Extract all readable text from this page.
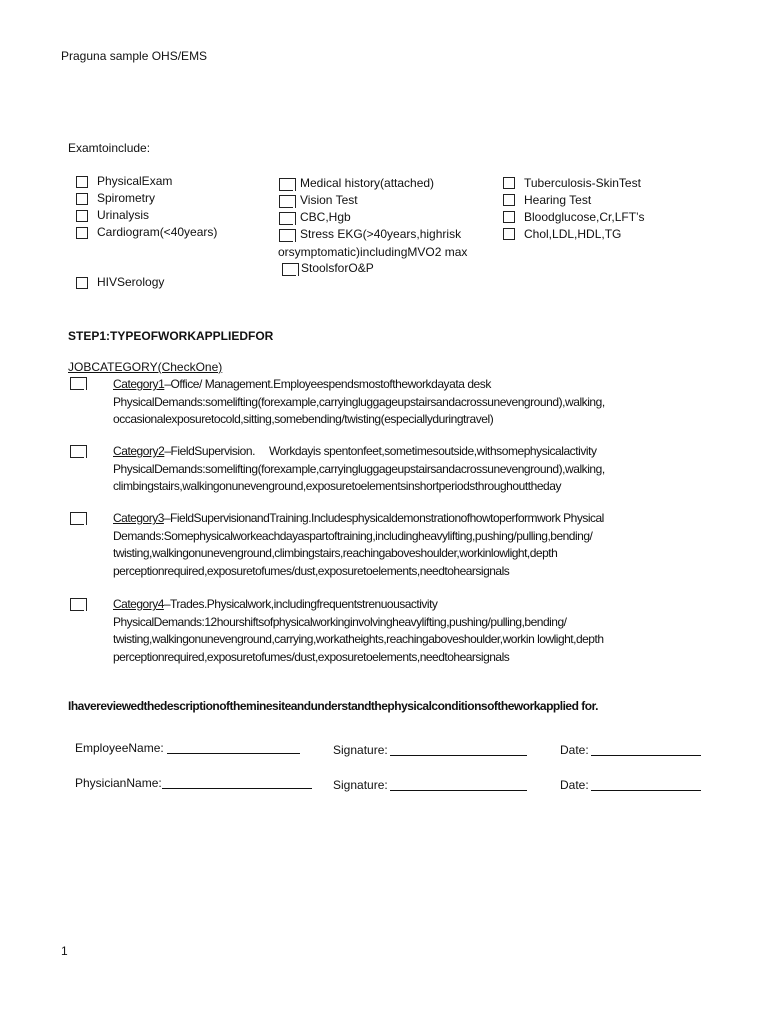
Praguna sample OHS/EMS
Examtoinclude:
PhysicalExam
Spirometry
Urinalysis
Cardiogram(<40years)
HIVSerology
Medical history(attached)
Vision Test
CBC,Hgb
Stress EKG(>40years,highrisk
orsymptomatic)includingMVO2 max
StoolsforO&P
Tuberculosis-SkinTest
Hearing Test
Bloodglucose,Cr,LFT’s
Chol,LDL,HDL,TG
STEP1:TYPEOFWORKAPPLIEDFOR
JOBCATEGORY(CheckOne)
Category1–Office/ Management.Employeespendsmostoftheworkdayata desk
PhysicalDemands:somelifting(forexample,carryingluggageupstairsandacrossunevenground),walking,
occasionalexposuretocold,sitting,somebending/twisting(especiallyduringtravel)
Category2–FieldSupervision. Workdayis spentonfeet,sometimesoutside,withsomephysicalactivity
PhysicalDemands:somelifting(forexample,carryingluggageupstairsandacrossunevenground),walking,
climbingstairs,walkingonunevenground,exposuretoelementsinshortperiodsthroughouttheday
Category3–FieldSupervisionandTraining.Includesphysicaldemonstrationofhowtoperformwork Physical
Demands:Somephysicalworkeachdayaspartoftraining,includingheavylifting,pushing/pulling,bending/
twisting,walkingonunevenground,climbingstairs,reachingaboveshoulder,workinlowlight,depth
perceptionrequired,exposuretofumes/dust,exposuretoelements,needtohearsignals
Category4–Trades.Physicalwork,includingfrequentstrenuousactivity
PhysicalDemands:12hourshiftsofphysicalworkinginvolvingheavylifting,pushing/pulling,bending/
twisting,walkingonunevenground,carrying,workatheights,reachingaboveshoulder,workin lowlight,depth
perceptionrequired,exposuretofumes/dust,exposuretoelements,needtohearsignals
Ihavereviewedthedescriptionoftheminesiteandunderstandthephysicalconditionsoftheworkapplied for.
EmployeeName:	Signature:	Date:
PhysicianName:	Signature:	Date:
1
